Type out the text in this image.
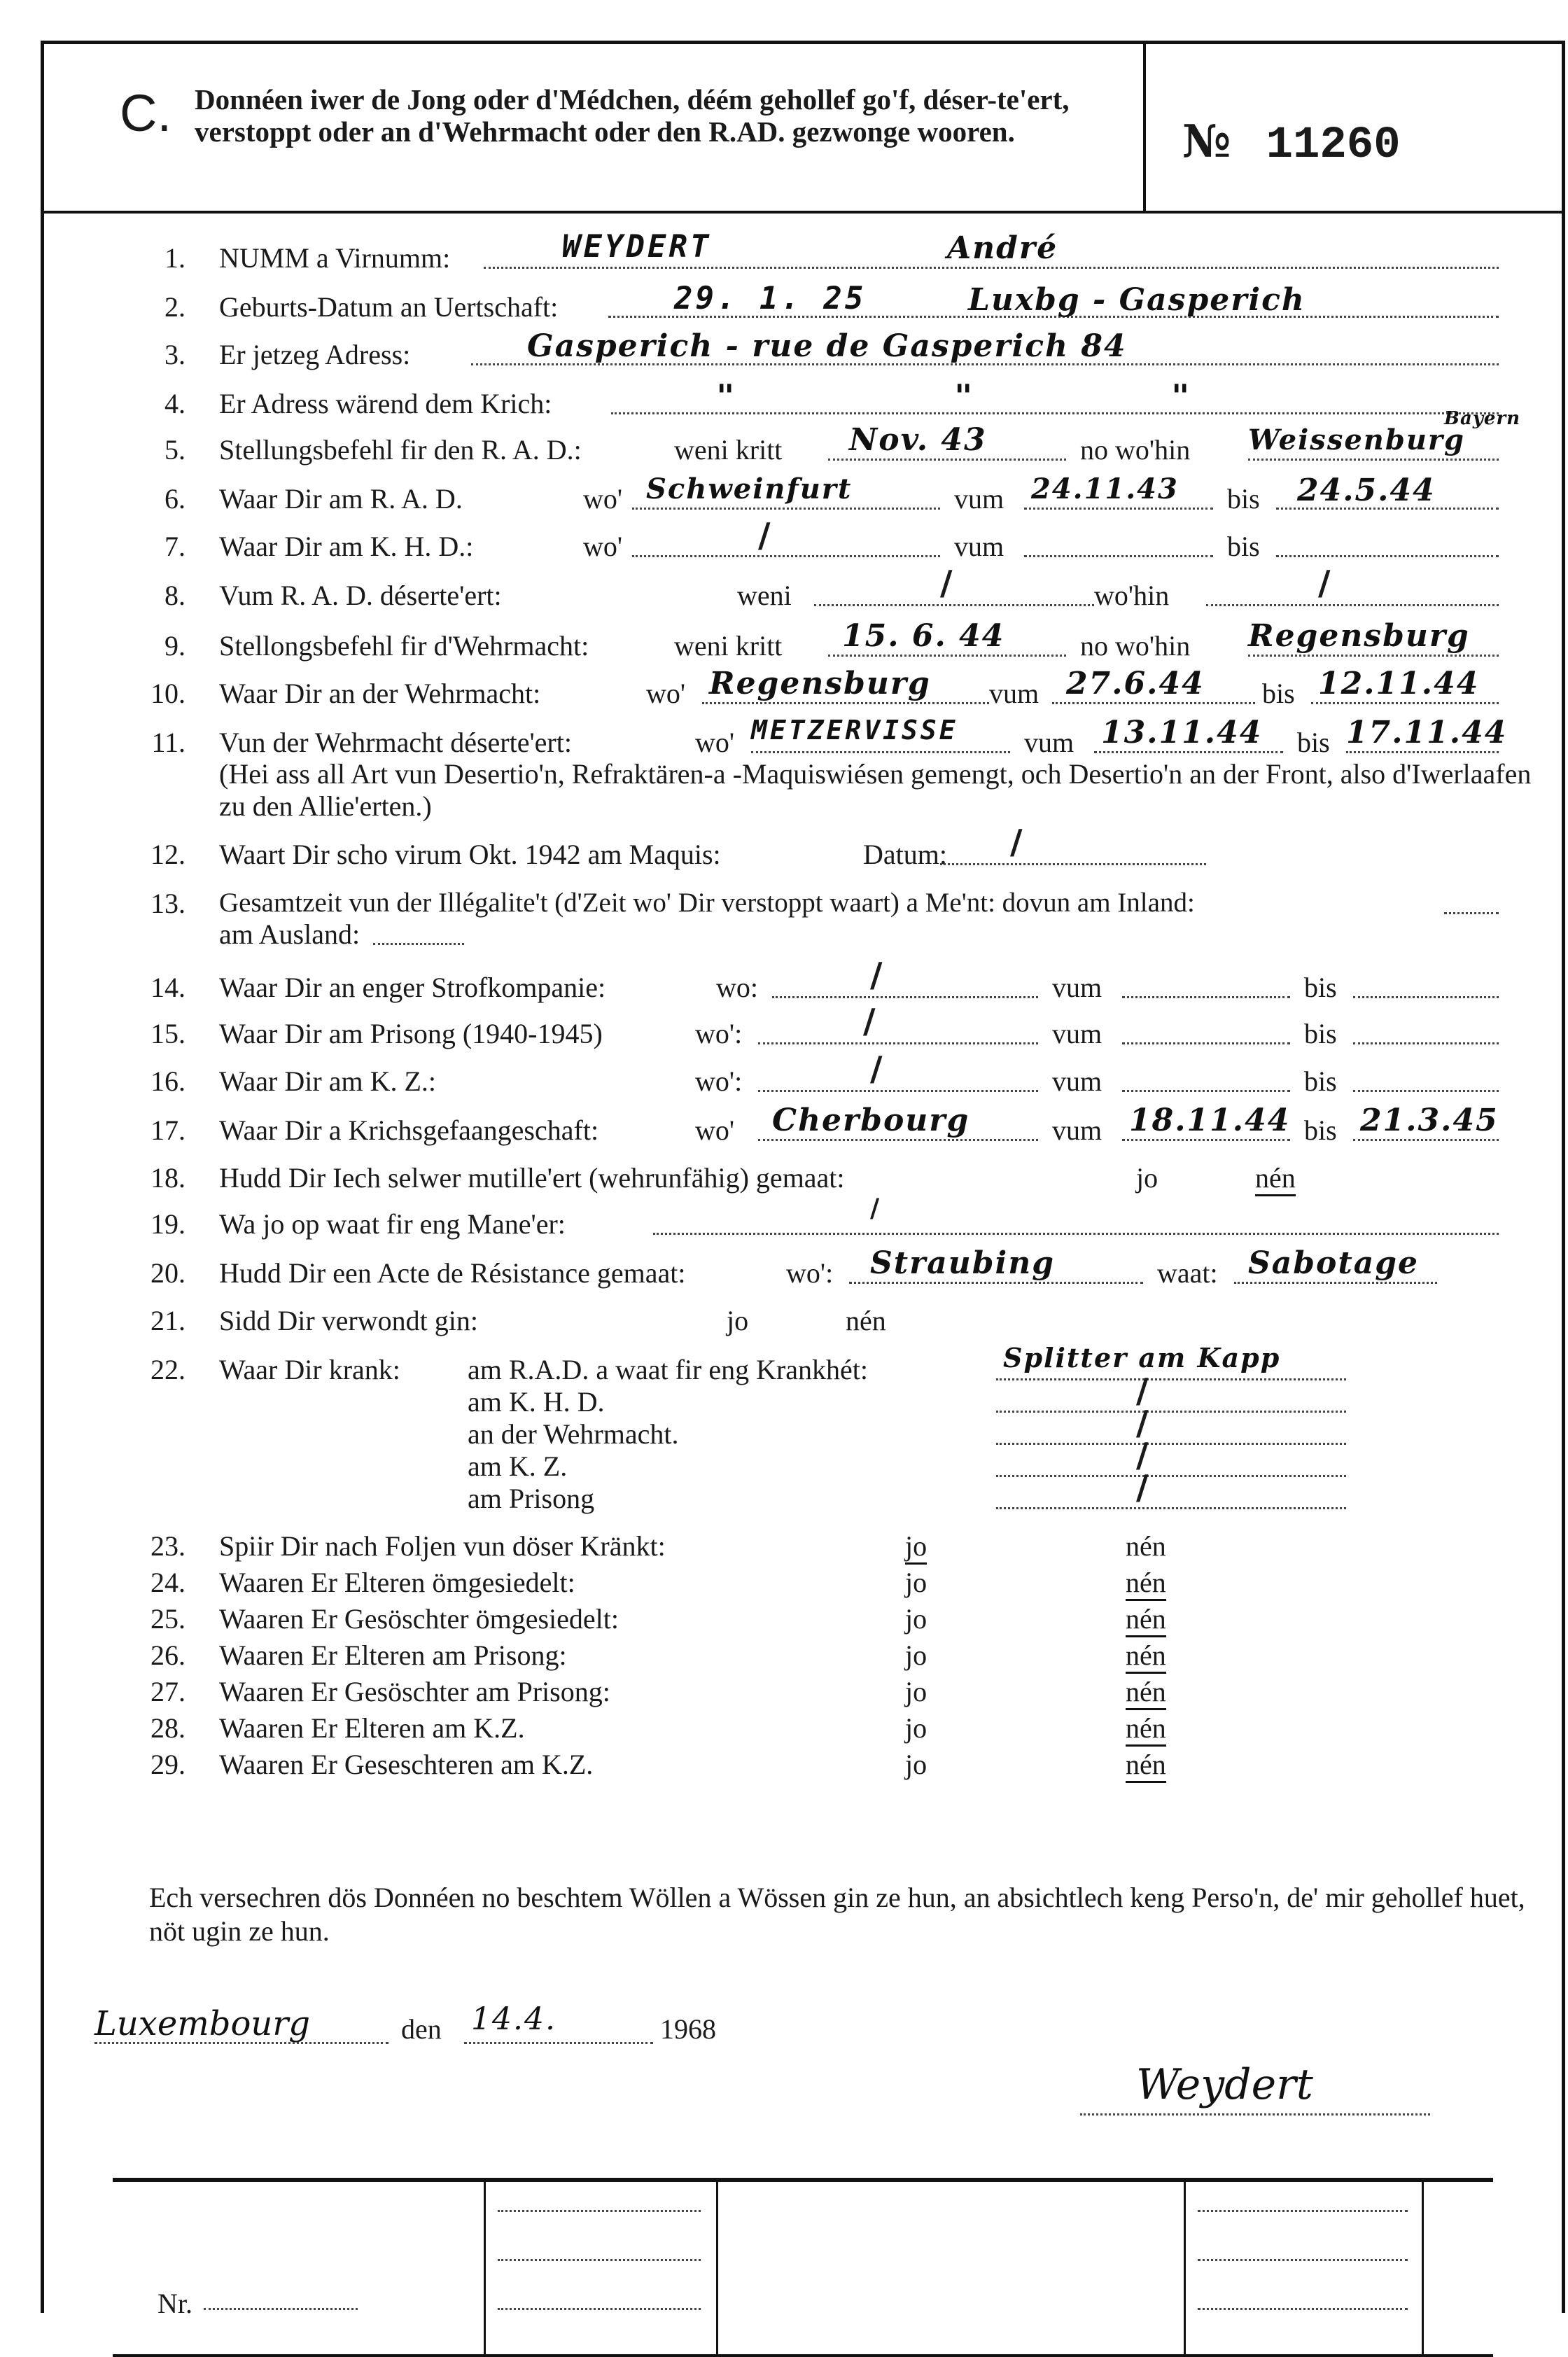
C. Donnéen iwer de Jong oder d'Médchen, déém gehollef go'f, déser-te'ert, verstoppt oder an d'Wehrmacht oder den R.AD. gezwonge wooren.	№ 11260
1. NUMM a Virnumm:	WEYDERT	André
2. Geburts-Datum an Uertschaft:	29. 1. 25	Luxbg - Gasperich
3. Er jetzeg Adress:	Gasperich - rue de Gasperich 84
4. Er Adress wärend dem Krich:	"	"	"
5. Stellungsbefehl fir den R. A. D.:	weni kritt Nov. 43	no wo'hin Weissenburg
Bayern
6. Waar Dir am R. A. D.	wo' Schweinfurt	vum 24.11.43 bis 24.5.44
7. Waar Dir am K. H. D.:	wo'	/	vum	bis
8. Vum R. A. D. déserte'ert:	weni	/	wo'hin	/
9. Stellongsbefehl fir d'Wehrmacht:	weni kritt 15. 6. 44	no wo'hin Regensburg
10. Waar Dir an der Wehrmacht:	wo' Regensburg vum 27.6.44 bis 12.11.44
11. Vun der Wehrmacht déserte'ert:	wo' METZERVISSE vum 13.11.44 bis 17.11.44
(Hei ass all Art vun Desertio'n, Refraktären-a -Maquiswiésen gemengt, och Desertio'n an der Front, also d'Iwerlaafen zu den Allie'erten.)
12. Waart Dir scho virum Okt. 1942 am Maquis:	Datum: /
13. Gesamtzeit vun der Illégalite't (d'Zeit wo' Dir verstoppt waart) a Me'nt: dovun am Inland:
am Ausland:
14. Waar Dir an enger Strofkompanie:	wo:	/	vum	bis
15. Waar Dir am Prisong (1940-1945)	wo':	/	vum	bis
16. Waar Dir am K. Z.:	wo':	/	vum	bis
17. Waar Dir a Krichsgefaangeschaft:	wo' Cherbourg	vum 18.11.44 bis 21.3.45
18. Hudd Dir Iech selwer mutille'ert (wehrunfähig) gemaat:	jo	nén
19. Wa jo op waat fir eng Mane'er:	/
20. Hudd Dir een Acte de Résistance gemaat:	wo': Straubing	waat: Sabotage
21. Sidd Dir verwondt gin:	jo	nén
22. Waar Dir krank: am R.A.D. a waat fir eng Krankhét:	Splitter am Kapp
am K. H. D.	/
an der Wehrmacht.	/
am K. Z.	/
am Prisong	/
23. Spiir Dir nach Foljen vun döser Kränkt:	jo	nén
24. Waaren Er Elteren ömgesiedelt:	jo	nén
25. Waaren Er Gesöschter ömgesiedelt:	jo	nén
26. Waaren Er Elteren am Prisong:	jo	nén
27. Waaren Er Gesöschter am Prisong:	jo	nén
28. Waaren Er Elteren am K.Z.	jo	nén
29. Waaren Er Geseschteren am K.Z.	jo	nén
Ech versechren dös Donnéen no beschtem Wöllen a Wössen gin ze hun, an absichtlech keng Perso'n, de' mir gehollef huet, nöt ugin ze hun.
Luxembourg	den 14.4.	1968
Weydert
Nr.
